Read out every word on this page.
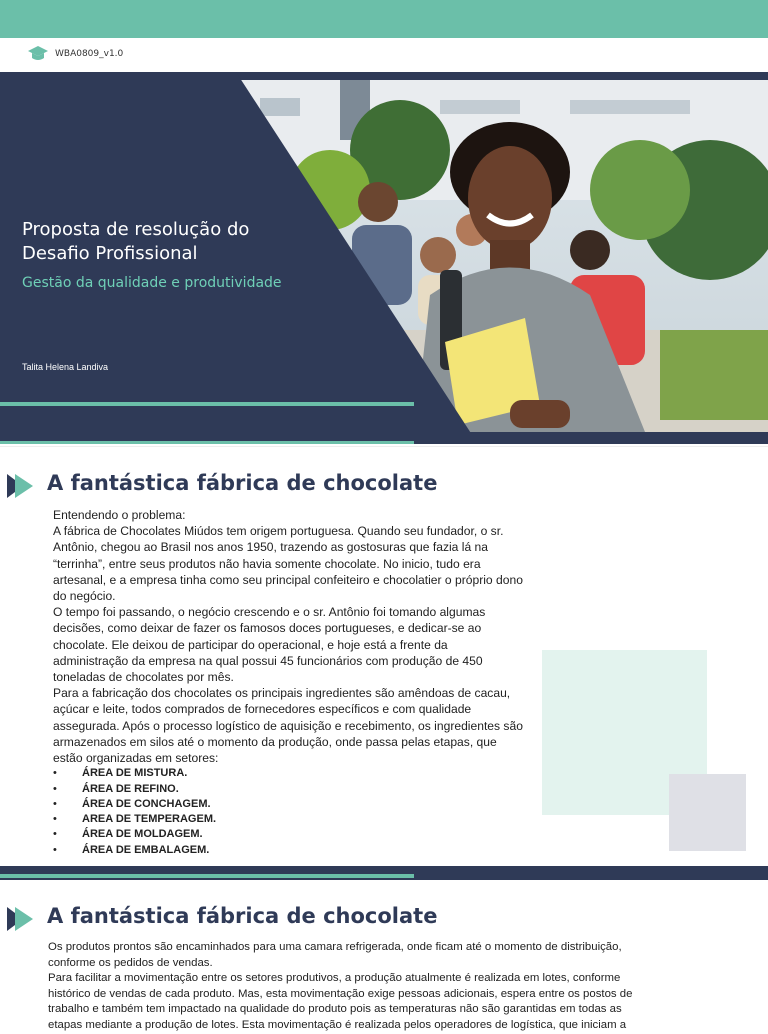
WBA0809_v1.0
Proposta de resolução do Desafio Profissional
Gestão da qualidade e produtividade
Talita Helena Landiva
A fantástica fábrica de chocolate

Entendendo o problema:

A fábrica de Chocolates Miúdos tem origem portuguesa. Quando seu fundador, o sr. Antônio, chegou ao Brasil nos anos 1950, trazendo as gostosuras que fazia lá na “terrinha”, entre seus produtos não havia somente chocolate. No inicio, tudo era artesanal, e a empresa tinha como seu principal confeiteiro e chocolatier o próprio dono do negócio.

O tempo foi passando, o negócio crescendo e o sr. Antônio foi tomando algumas decisões, como deixar de fazer os famosos doces portugueses, e dedicar-se ao chocolate. Ele deixou de participar do operacional, e hoje está a frente da administração da empresa na qual possui 45 funcionários com produção de 450 toneladas de chocolates por mês.

Para a fabricação dos chocolates os principais ingredientes são amêndoas de cacau, açúcar e leite, todos comprados de fornecedores específicos e com qualidade assegurada. Após o processo logístico de aquisição e recebimento, os ingredientes são armazenados em silos até o momento da produção, onde passa pelas etapas, que estão organizadas em setores:

•	ÁREA DE MISTURA.
•	ÁREA DE REFINO.
•	ÁREA DE CONCHAGEM.
•	AREA DE TEMPERAGEM.
•	ÁREA DE MOLDAGEM.
•	ÁREA DE EMBALAGEM.
A fantástica fábrica de chocolate

Os produtos prontos são encaminhados para uma camara refrigerada, onde ficam até o momento de distribuição, conforme os pedidos de vendas.

Para facilitar a movimentação entre os setores produtivos, a produção atualmente é realizada em lotes, conforme histórico de vendas de cada produto. Mas, esta movimentação exige pessoas adicionais, espera entre os postos de trabalho e também tem impactado na qualidade do produto pois as temperaturas não são garantidas em todas as etapas mediante a produção de lotes. Esta movimentação é realizada pelos operadores de logística, que iniciam a
